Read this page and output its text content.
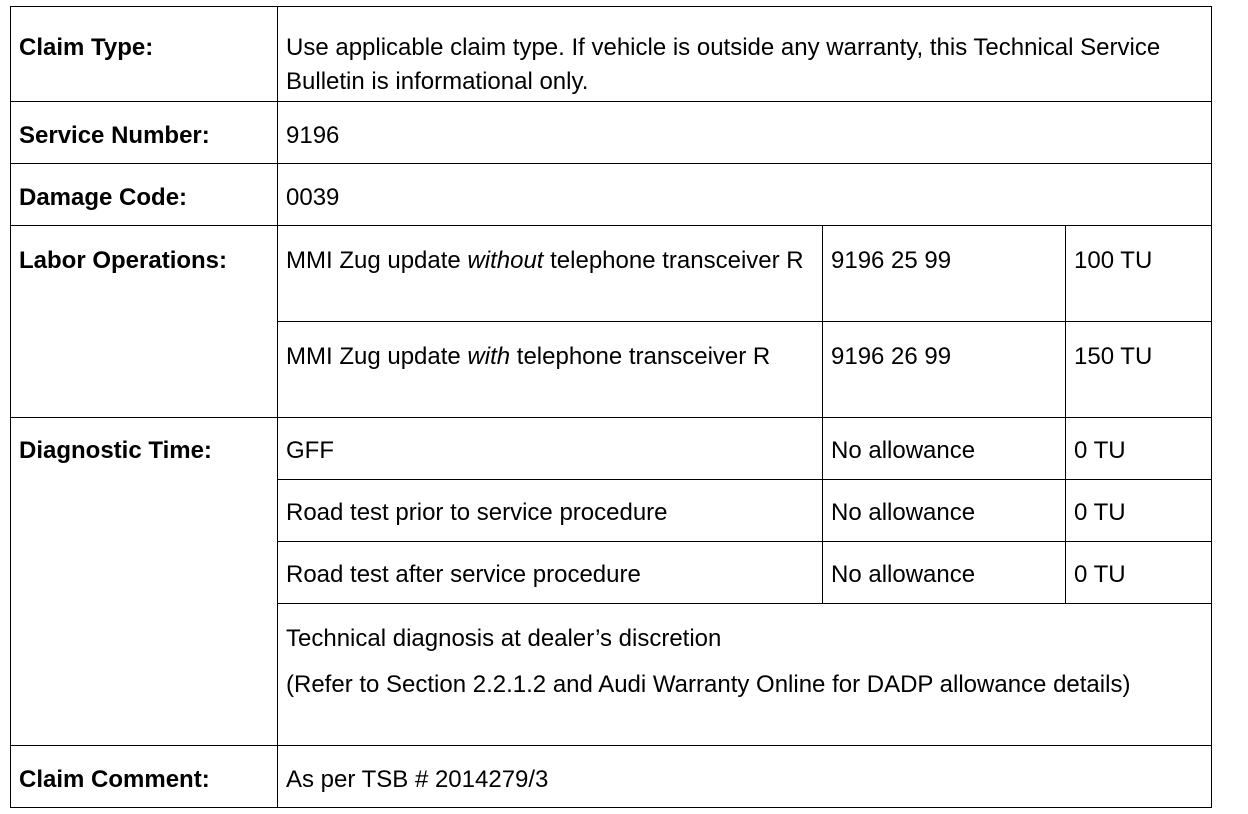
Claim Type:	Use applicable claim type. If vehicle is outside any warranty, this Technical Service Bulletin is informational only.		
Service Number:	9196		
Damage Code:	0039		
Labor Operations:	MMI Zug update without telephone transceiver R	9196 25 99	100 TU
	MMI Zug update with telephone transceiver R	9196 26 99	150 TU
Diagnostic Time:	GFF	No allowance	0 TU
	Road test prior to service procedure	No allowance	0 TU
	Road test after service procedure	No allowance	0 TU

	Technical diagnosis at dealer’s discretion

(Refer to Section 2.2.1.2 and Audi Warranty Online for DADP allowance details)		

Claim Comment:	As per TSB # 2014279/3		
